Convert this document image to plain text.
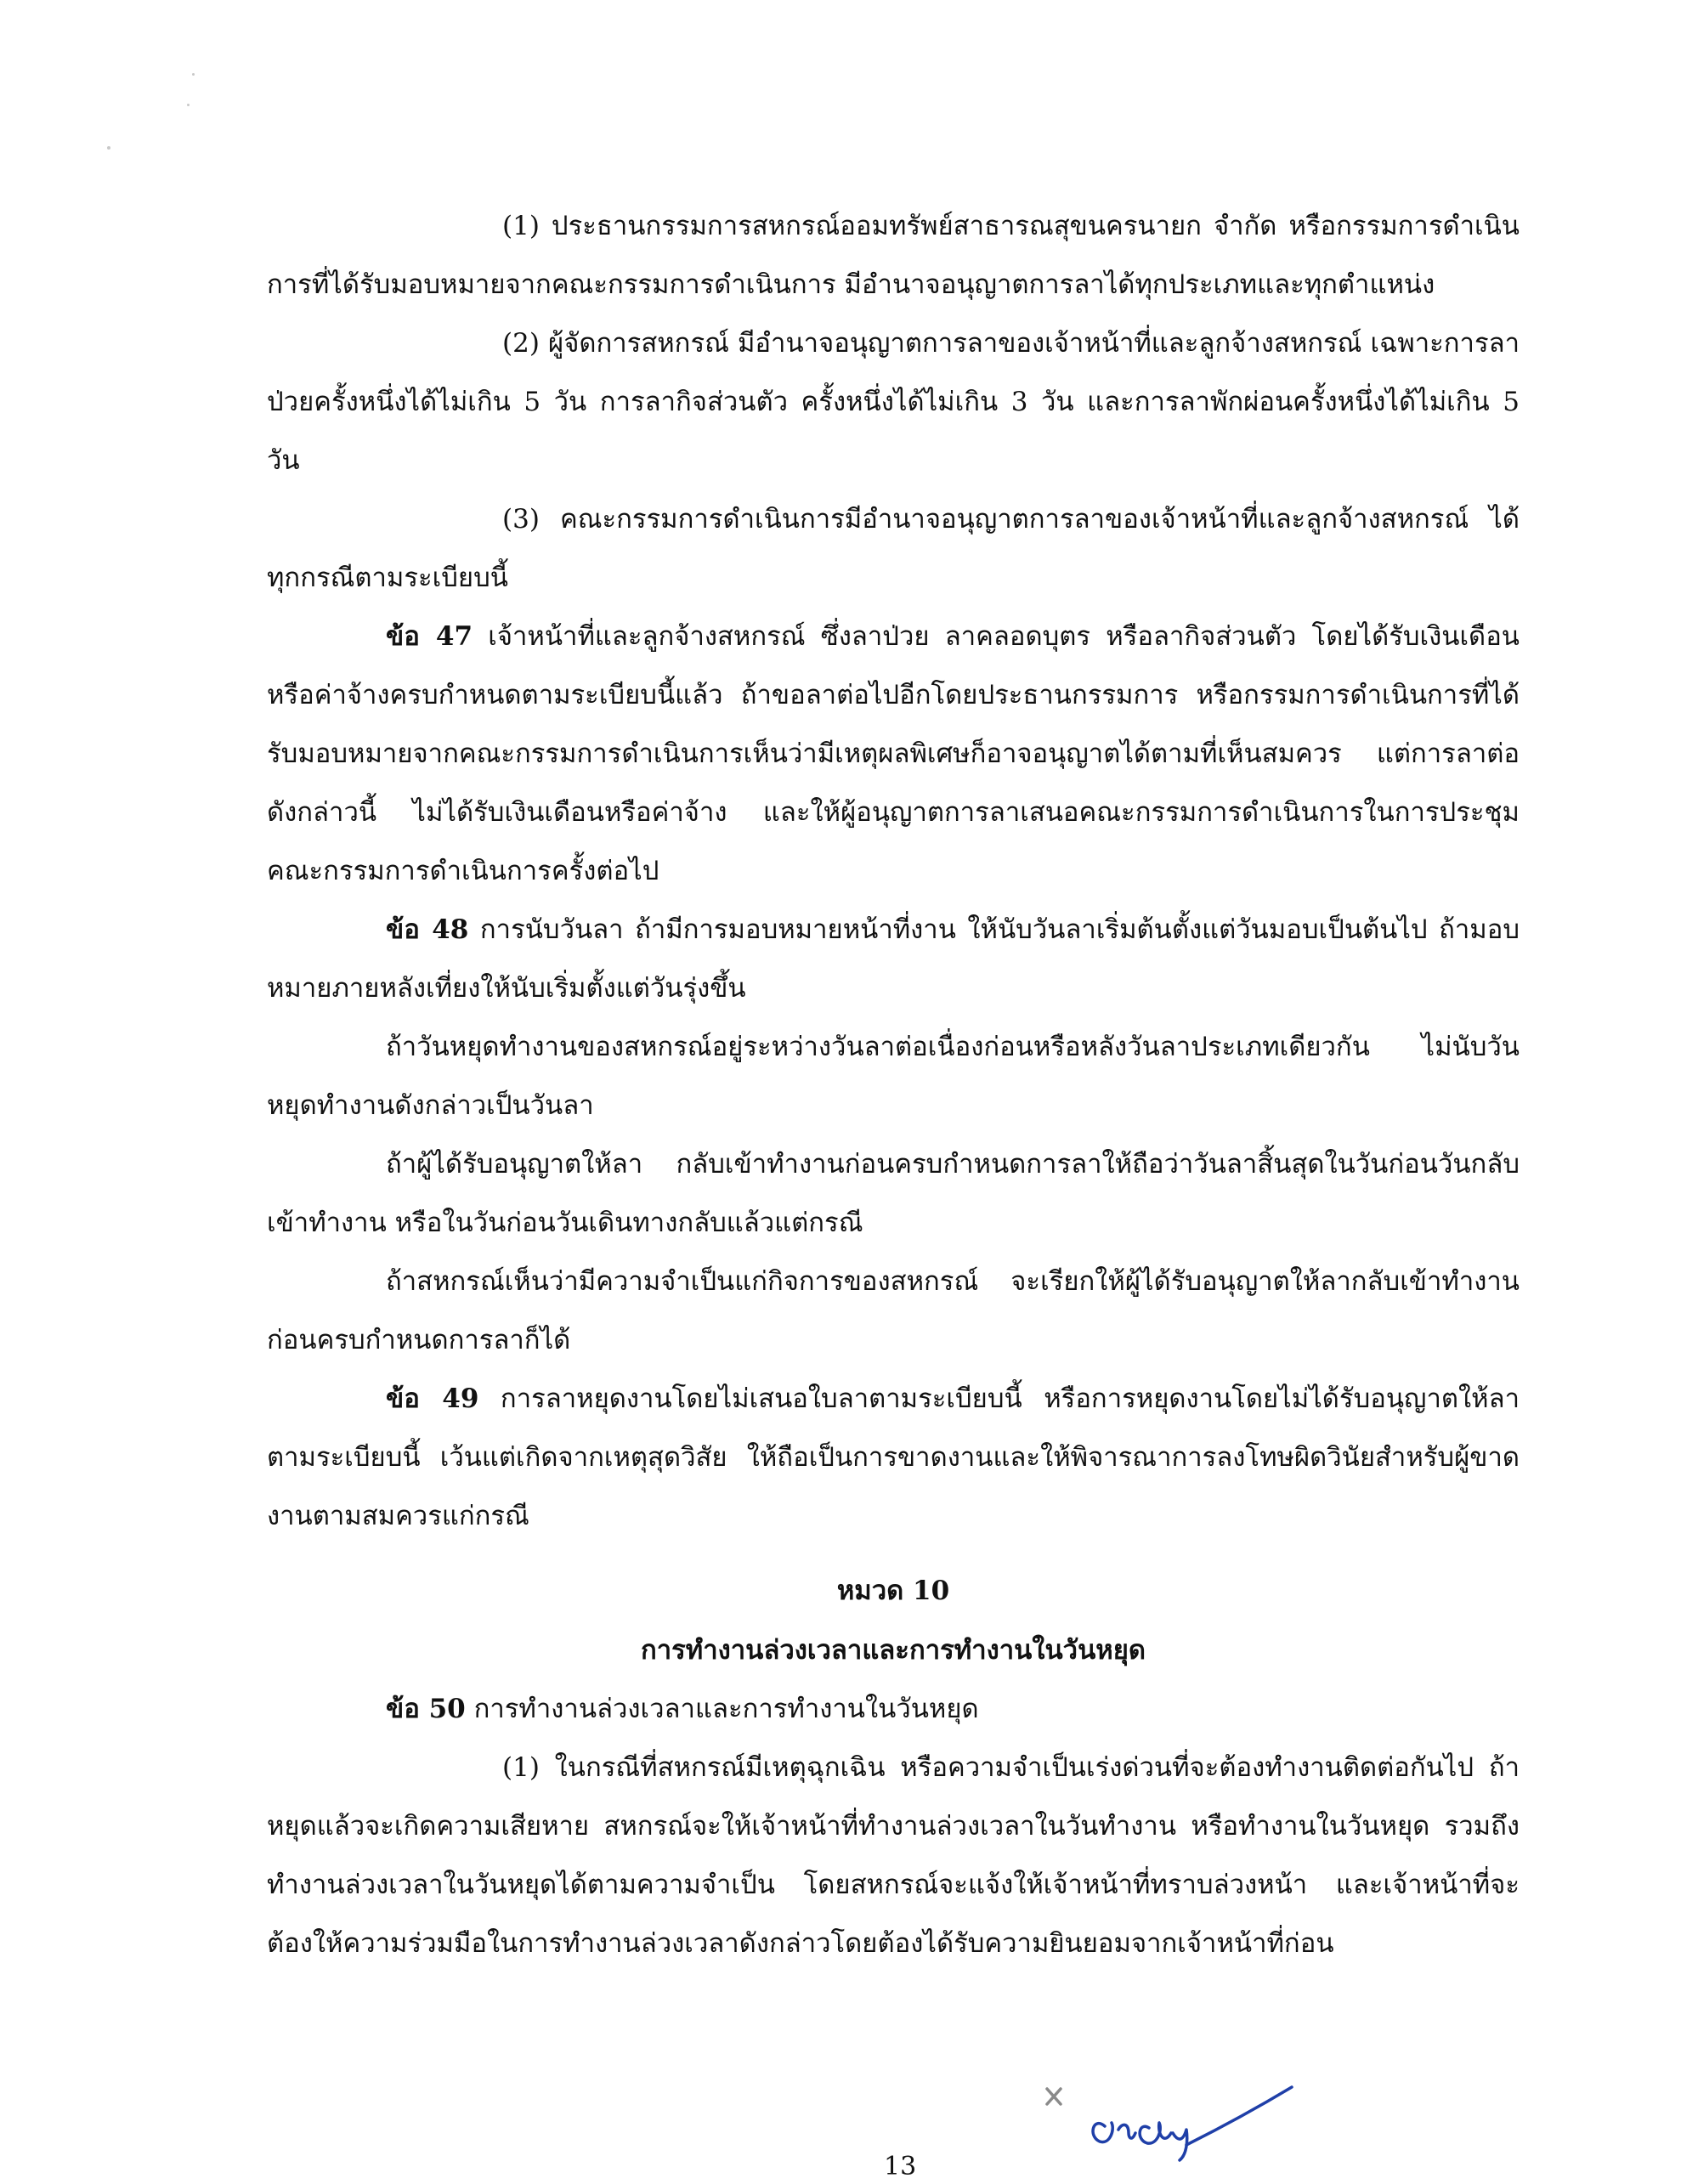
(1) ประธานกรรมการสหกรณ์ออมทรัพย์สาธารณสุขนครนายก จำกัด หรือกรรมการดำเนินการที่ได้รับมอบหมายจากคณะกรรมการดำเนินการ มีอำนาจอนุญาตการลาได้ทุกประเภทและทุกตำแหน่ง

(2) ผู้จัดการสหกรณ์ มีอำนาจอนุญาตการลาของเจ้าหน้าที่และลูกจ้างสหกรณ์ เฉพาะการลาป่วยครั้งหนึ่งได้ไม่เกิน 5 วัน การลากิจส่วนตัว ครั้งหนึ่งได้ไม่เกิน 3 วัน และการลาพักผ่อนครั้งหนึ่งได้ไม่เกิน 5 วัน

(3) คณะกรรมการดำเนินการมีอำนาจอนุญาตการลาของเจ้าหน้าที่และลูกจ้างสหกรณ์ ได้ทุกกรณีตามระเบียบนี้

ข้อ 47 เจ้าหน้าที่และลูกจ้างสหกรณ์ ซึ่งลาป่วย ลาคลอดบุตร หรือลากิจส่วนตัว โดยได้รับเงินเดือน หรือค่าจ้างครบกำหนดตามระเบียบนี้แล้ว ถ้าขอลาต่อไปอีกโดยประธานกรรมการ หรือกรรมการดำเนินการที่ได้รับมอบหมายจากคณะกรรมการดำเนินการเห็นว่ามีเหตุผลพิเศษก็อาจอนุญาตได้ตามที่เห็นสมควร แต่การลาต่อดังกล่าวนี้ ไม่ได้รับเงินเดือนหรือค่าจ้าง และให้ผู้อนุญาตการลาเสนอคณะกรรมการดำเนินการในการประชุมคณะกรรมการดำเนินการครั้งต่อไป

ข้อ 48 การนับวันลา ถ้ามีการมอบหมายหน้าที่งาน ให้นับวันลาเริ่มต้นตั้งแต่วันมอบเป็นต้นไป ถ้ามอบหมายภายหลังเที่ยงให้นับเริ่มตั้งแต่วันรุ่งขึ้น

ถ้าวันหยุดทำงานของสหกรณ์อยู่ระหว่างวันลาต่อเนื่องก่อนหรือหลังวันลาประเภทเดียวกัน ไม่นับวันหยุดทำงานดังกล่าวเป็นวันลา

ถ้าผู้ได้รับอนุญาตให้ลา กลับเข้าทำงานก่อนครบกำหนดการลาให้ถือว่าวันลาสิ้นสุดในวันก่อนวันกลับเข้าทำงาน หรือในวันก่อนวันเดินทางกลับแล้วแต่กรณี

ถ้าสหกรณ์เห็นว่ามีความจำเป็นแก่กิจการของสหกรณ์ จะเรียกให้ผู้ได้รับอนุญาตให้ลากลับเข้าทำงานก่อนครบกำหนดการลาก็ได้

ข้อ 49 การลาหยุดงานโดยไม่เสนอใบลาตามระเบียบนี้ หรือการหยุดงานโดยไม่ได้รับอนุญาตให้ลาตามระเบียบนี้ เว้นแต่เกิดจากเหตุสุดวิสัย ให้ถือเป็นการขาดงานและให้พิจารณาการลงโทษผิดวินัยสำหรับผู้ขาดงานตามสมควรแก่กรณี

หมวด 10

การทำงานล่วงเวลาและการทำงานในวันหยุด

ข้อ 50 การทำงานล่วงเวลาและการทำงานในวันหยุด

(1) ในกรณีที่สหกรณ์มีเหตุฉุกเฉิน หรือความจำเป็นเร่งด่วนที่จะต้องทำงานติดต่อกันไป ถ้าหยุดแล้วจะเกิดความเสียหาย สหกรณ์จะให้เจ้าหน้าที่ทำงานล่วงเวลาในวันทำงาน หรือทำงานในวันหยุด รวมถึงทำงานล่วงเวลาในวันหยุดได้ตามความจำเป็น โดยสหกรณ์จะแจ้งให้เจ้าหน้าที่ทราบล่วงหน้า และเจ้าหน้าที่จะต้องให้ความร่วมมือในการทำงานล่วงเวลาดังกล่าวโดยต้องได้รับความยินยอมจากเจ้าหน้าที่ก่อน

13
